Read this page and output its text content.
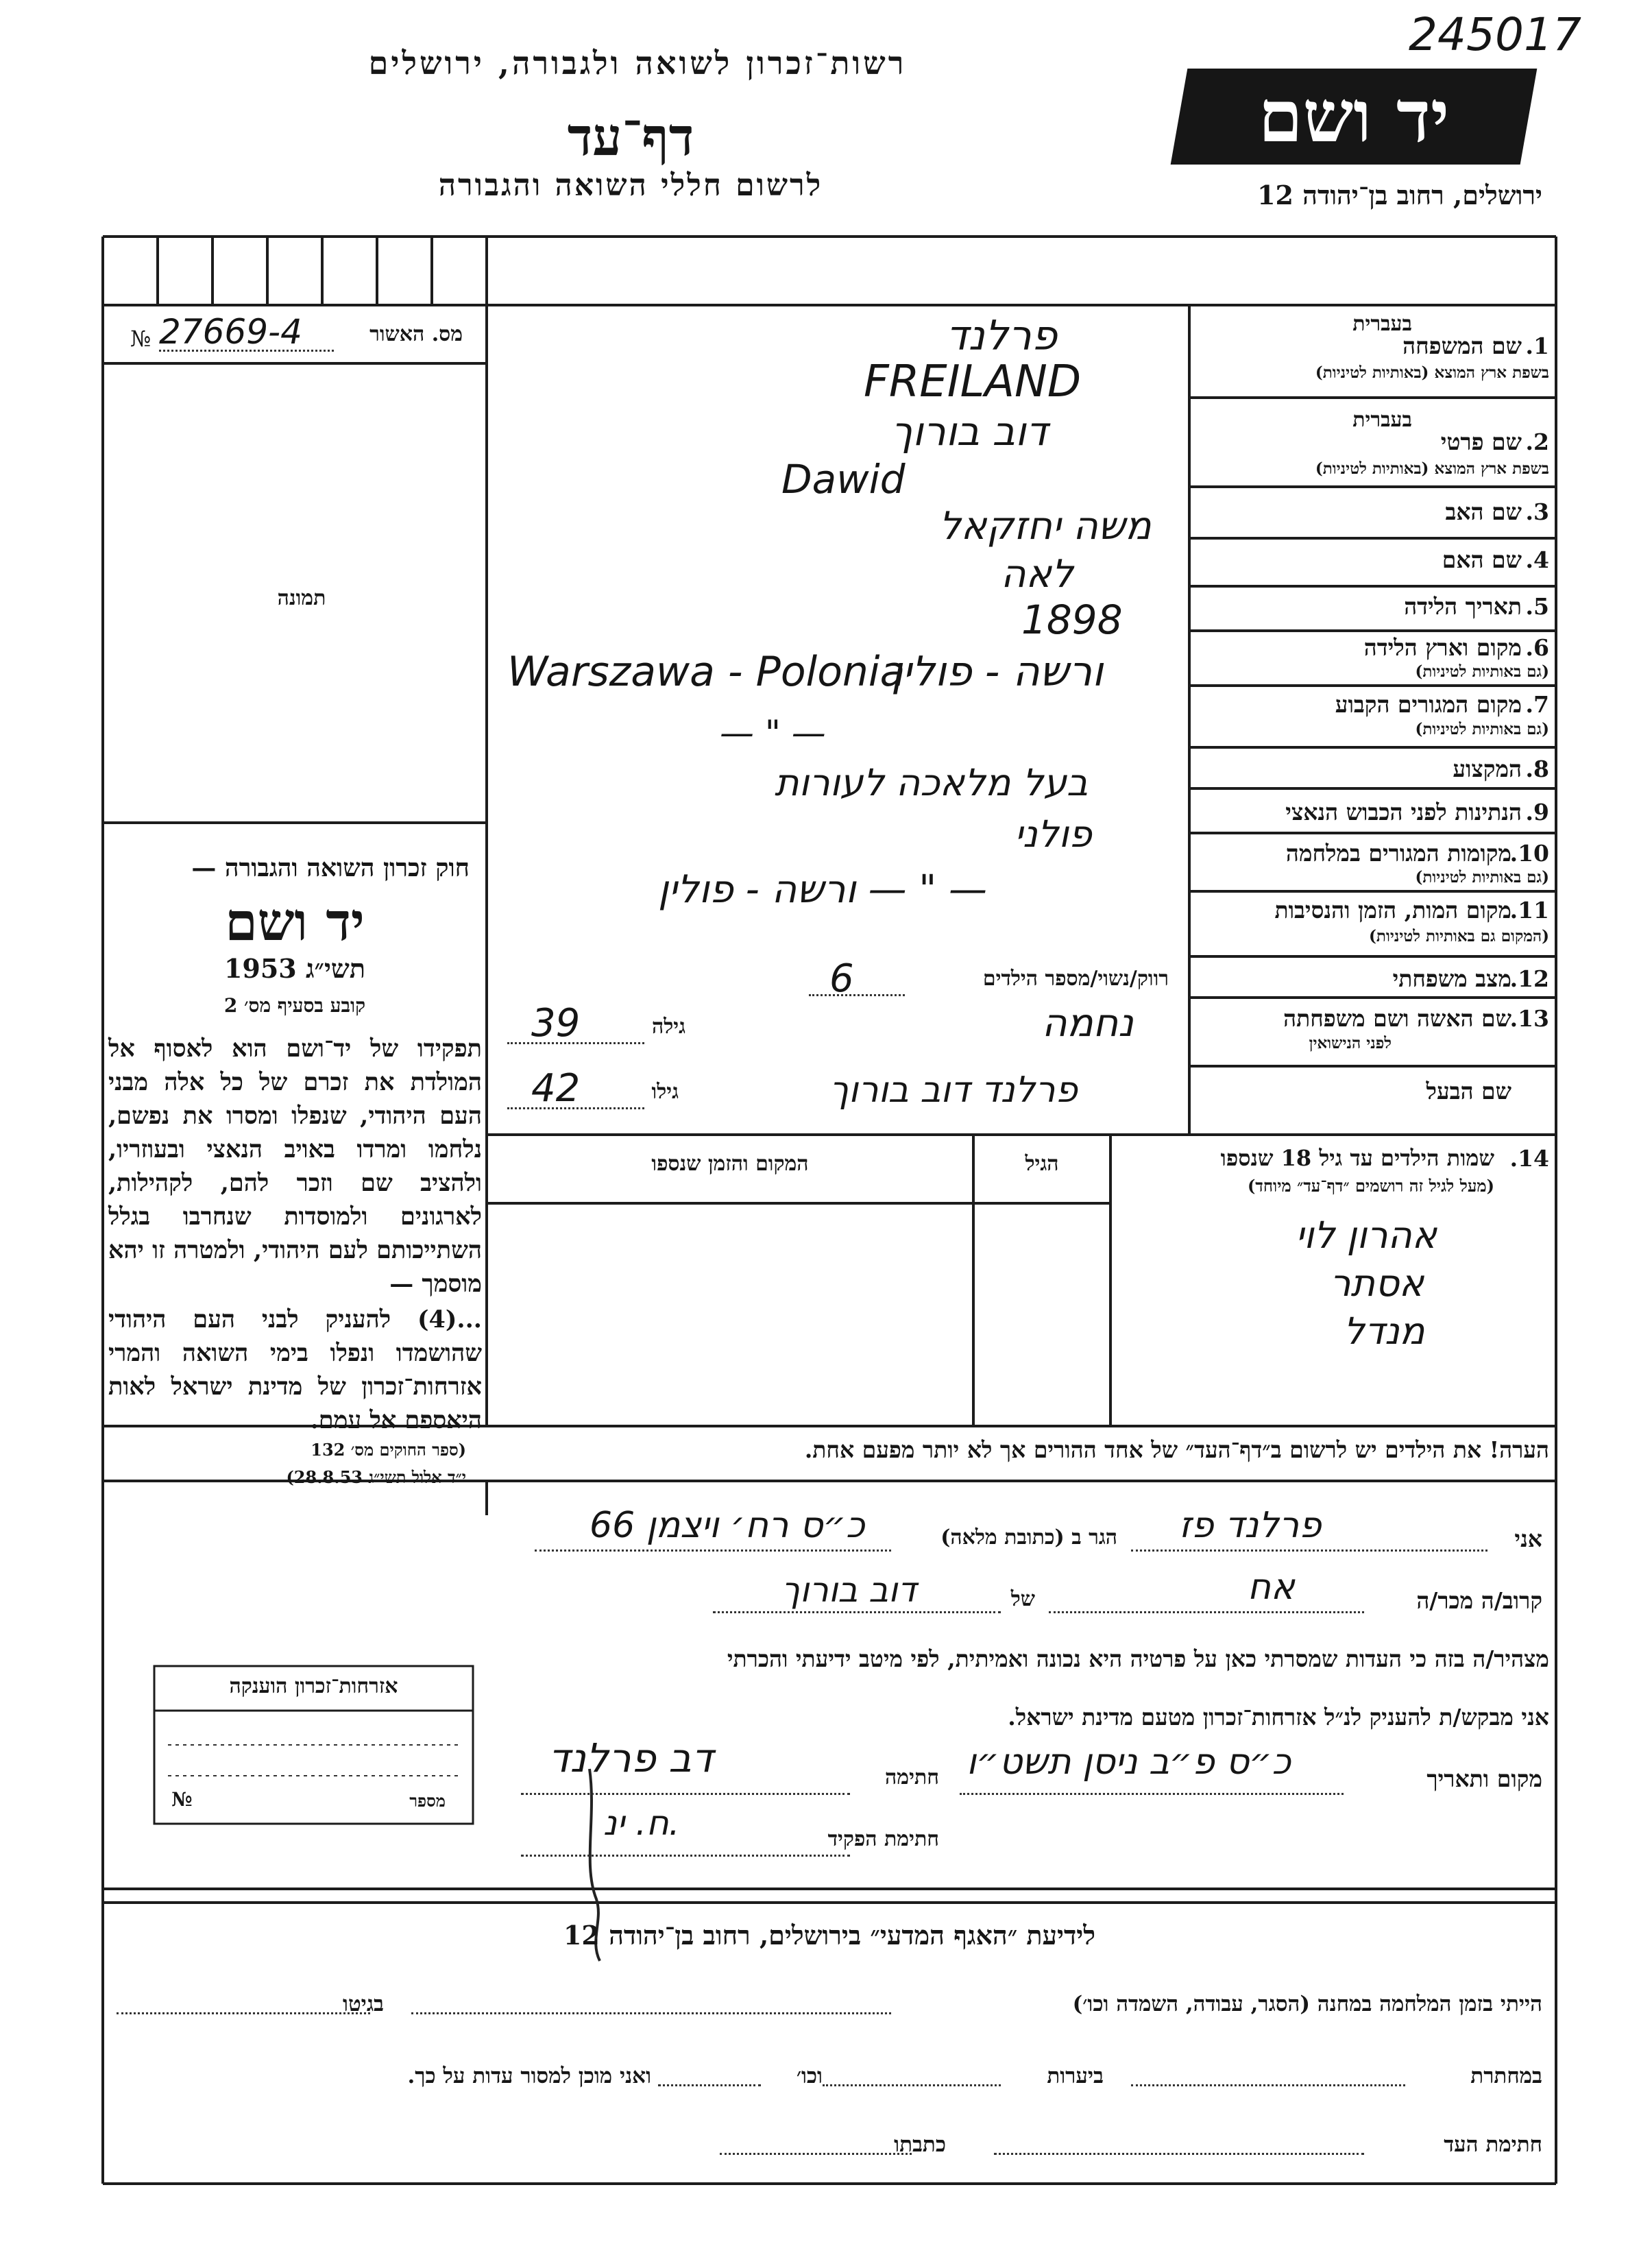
245017
רשות־זכרון לשואה ולגבורה, ירושלים
דף־עד
לרשום חללי השואה והגבורה
יד ושם
ירושלים, רחוב בן־יהודה 12
מס. האשור
№ 27669-4
תמונה
חוק זכרון השואה והגבורה —
יד ושם
תשי״ג 1953
קובע בסעיף מס׳ 2
תפקידו של יד־ושם הוא לאסוף אל המולדת את זכרם של כל אלה מבני העם היהודי, שנפלו ומסרו את נפשם, נלחמו ומרדו באויב הנאצי ובעוזריו, ולהציב שם וזכר להם, לקהילות, לארגונים ולמוסדות שנחרבו בגלל השתייכותם לעם היהודי, ולמטרה זו יהא מוסמך —
...(4) להעניק לבני העם היהודי שהושמדו ונפלו בימי השואה והמרי אזרחות־זכרון של מדינת ישראל לאות היאספם אל עמם.
(ספר החוקים מס׳ 132
י״ד אלול תשי״ג 28.8.53)
בעברית
1.
שם המשפחה
בשפת ארץ המוצא (באותיות לטיניות)
בעברית
2.
שם פרטי
בשפת ארץ המוצא (באותיות לטיניות)
3.
שם האב
4.
שם האם
5.
תאריך הלידה
6.
מקום וארץ הלידה
(גם באותיות לטיניות)
7.
מקום המגורים הקבוע
(גם באותיות לטיניות)
8.
המקצוע
9.
הנתינות לפני הכבוש הנאצי
10.
מקומות המגורים במלחמה
(גם באותיות לטיניות)
11.
מקום המות, הזמן והנסיבות
(המקום גם באותיות לטיניות)
12.
מצב משפחתי
13.
שם האשה ושם משפחתה
לפני הנישואין
שם הבעל
פרלנד
FREILAND
דוב בורוך
Dawid
משה יחזקאל
לאה
1898
ורשה - פולין
Warszawa - Polonia
— " —
בעל מלאכה לעורות
פולני
ורשה - פולין — " —
רווק/נשוי/מספר הילדים
6
נחמה
גילה
39
פרלנד דוב בורוך
גילו
42
14.
שמות הילדים עד גיל 18 שנספו
(מעל לגיל זה רושמים ״דף־עד״ מיוחד)
הגיל
המקום והזמן שנספו
אהרון לוי
אסתר
מנדל
הערה! את הילדים יש לרשום ב״דף־העד״ של אחד ההורים אך לא יותר מפעם אחת.
אני
פרלנד פז
הגר ב (כתובת מלאה)
כ״ס רח׳ ויצמן 66
קרוב/ה מכר/ה
אח
של
דוב בורוך
מצהיר/ה בזה כי העדות שמסרתי כאן על פרטיה היא נכונה ואמיתית, לפי מיטב ידיעתי והכרתי
אני מבקש/ת להעניק לנ״ל אזרחות־זכרון מטעם מדינת ישראל.
מקום ותאריך
כ״ס פ״ב ניסן תשט״ו
חתימה
דב פרלנד
חתימת הפקיד
ח. ינ.
אזרחות־זכרון הוענקה
מספר
№
לידיעת ״האגף המדעי״ בירושלים, רחוב בן־יהודה 12
הייתי בזמן המלחמה במחנה (הסגר, עבודה, השמדה וכו׳)
בגיטו
במחתרת
ביערות
וכו׳
ואני מוכן למסור עדות על כך.
חתימת העד
כתבתו
